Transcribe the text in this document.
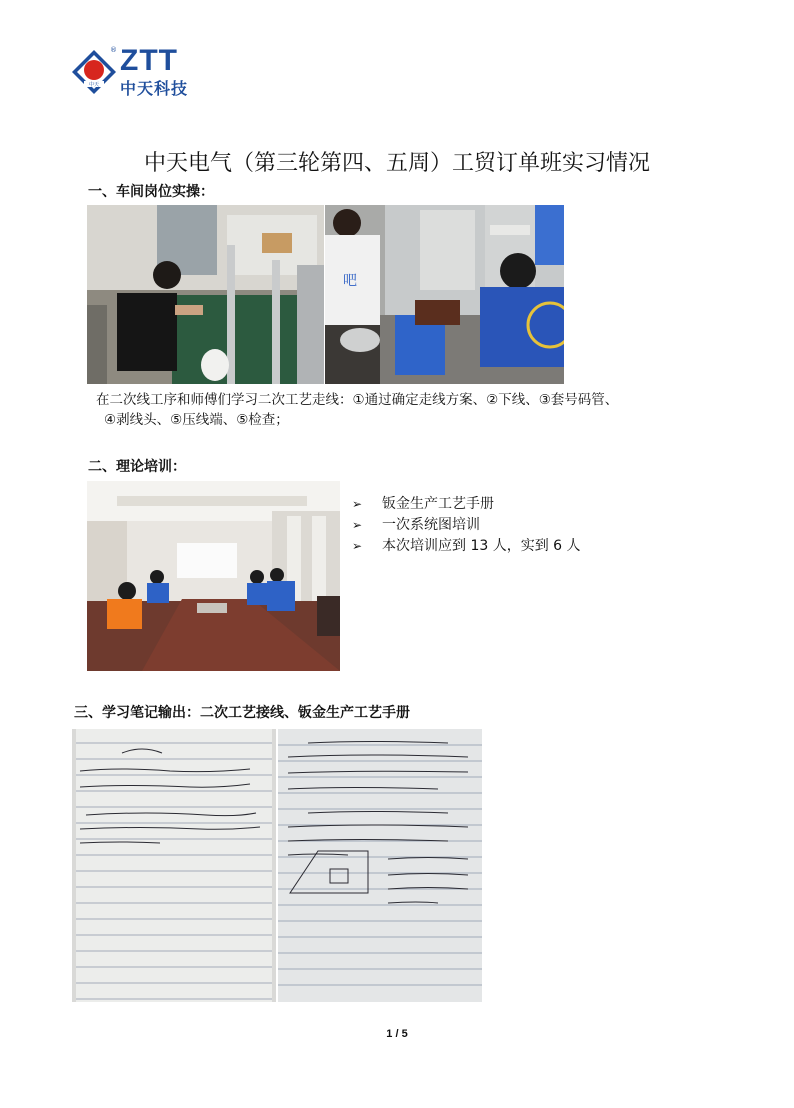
中天
® ZTT
中天科技
中天电气（第三轮第四、五周）工贸订单班实习情况
一、车间岗位实操：
吧
在二次线工序和师傅们学习二次工艺走线：①通过确定走线方案、②下线、③套号码管、
④剥线头、⑤压线端、⑤检查；
二、理论培训：
➢	钣金生产工艺手册
➢	一次系统图培训
➢	本次培训应到 13 人，实到 6 人
三、学习笔记输出：二次工艺接线、钣金生产工艺手册
1 / 5
